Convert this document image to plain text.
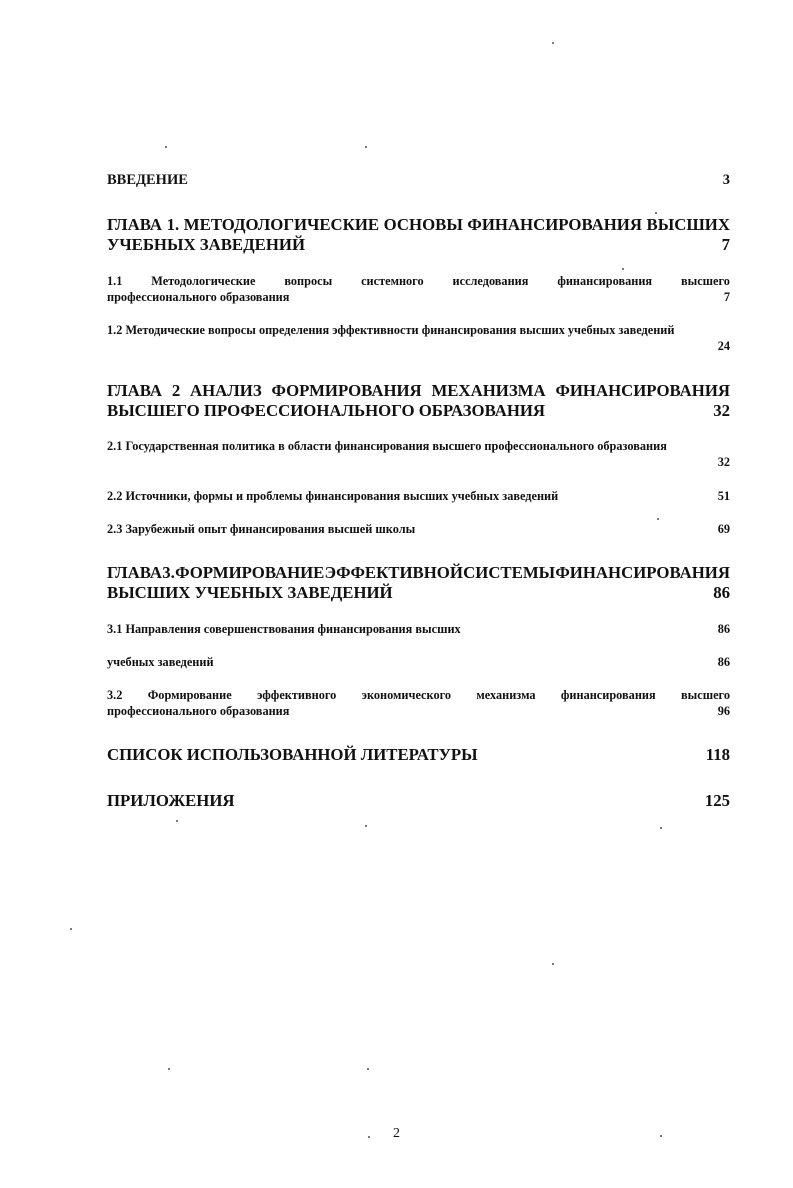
ВВЕДЕНИЕ	3
ГЛАВА 1. МЕТОДОЛОГИЧЕСКИЕ ОСНОВЫ ФИНАНСИРОВАНИЯ ВЫСШИХ
УЧЕБНЫХ ЗАВЕДЕНИЙ	7
1.1 Методологические вопросы системного исследования финансирования высшего
профессионального образования	7
1.2 Методические вопросы определения эффективности финансирования высших учебных заведений
24
ГЛАВА 2 АНАЛИЗ ФОРМИРОВАНИЯ МЕХАНИЗМА ФИНАНСИРОВАНИЯ
ВЫСШЕГО ПРОФЕССИОНАЛЬНОГО ОБРАЗОВАНИЯ	32
2.1 Государственная политика в области финансирования высшего профессионального образования
32
2.2 Источники, формы и проблемы финансирования высших учебных заведений	51
2.3 Зарубежный опыт финансирования высшей школы	69
ГЛАВА 3. ФОРМИРОВАНИЕ ЭФФЕКТИВНОЙ СИСТЕМЫ ФИНАНСИРОВАНИЯ
ВЫСШИХ УЧЕБНЫХ ЗАВЕДЕНИЙ	86
3.1 Направления совершенствования финансирования высших	86
учебных заведений	86
3.2 Формирование эффективного экономического механизма финансирования высшего
профессионального образования	96
СПИСОК ИСПОЛЬЗОВАННОЙ ЛИТЕРАТУРЫ	118
ПРИЛОЖЕНИЯ	125
2
